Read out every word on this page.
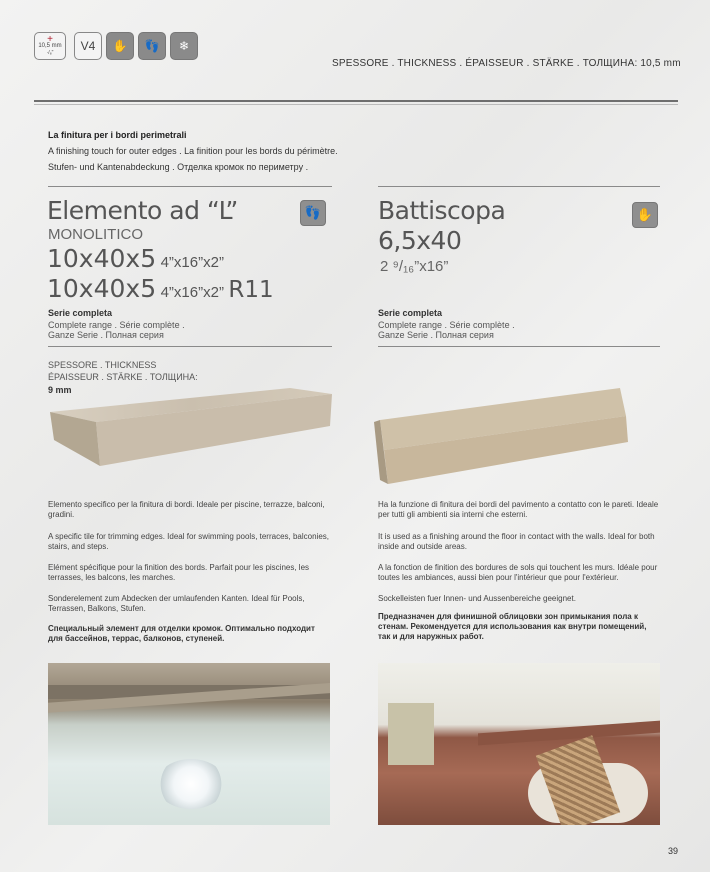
+
10,5 mm
·/₈" V4	✋	👣	❄
SPESSORE . THICKNESS . ÉPAISSEUR . STÄRKE . ТОЛЩИНА: 10,5 mm
La finitura per i bordi perimetrali
A finishing touch for outer edges . La finition pour les bords du périmètre.
Stufen- und Kantenabdeckung . Отделка кромок по периметру .
Elemento ad “L”
MONOLITICO
10x40x5 4”x16”x2”
10x40x5 4”x16”x2” R11
👣
Serie completa
Complete range . Série complète .
Ganze Serie . Полная серия
SPESSORE . THICKNESS
ÉPAISSEUR . STÄRKE . ТОЛЩИНА:
9 mm
Battiscopa
6,5x40
2 ⁹/₁₆”x16”
✋
Serie completa
Complete range . Série complète .
Ganze Serie . Полная серия
Elemento specifico per la finitura di bordi. Ideale per piscine, terrazze, balconi, gradini.
A specific tile for trimming edges. Ideal for swimming pools, terraces, balconies, stairs, and steps.
Elément spécifique pour la finition des bords. Parfait pour les piscines, les terrasses, les balcons, les marches.
Sonderelement zum Abdecken der umlaufenden Kanten. Ideal für Pools, Terrassen, Balkons, Stufen.
Специальный элемент для отделки кромок. Оптимально подходит для бассейнов, террас, балконов, ступеней.
Ha la funzione di finitura dei bordi del pavimento a contatto con le pareti. Ideale per tutti gli ambienti sia interni che esterni.
It is used as a finishing around the floor in contact with the walls. Ideal for both inside and outside areas.
A la fonction de finition des bordures de sols qui touchent les murs. Idéale pour toutes les ambiances, aussi bien pour l'intérieur que pour l'extérieur.
Sockelleisten fuer Innen- und Aussenbereiche geeignet.
Предназначен для финишной облицовки зон примыкания пола к стенам. Рекомендуется для использования как внутри помещений, так и для наружных работ.
39
